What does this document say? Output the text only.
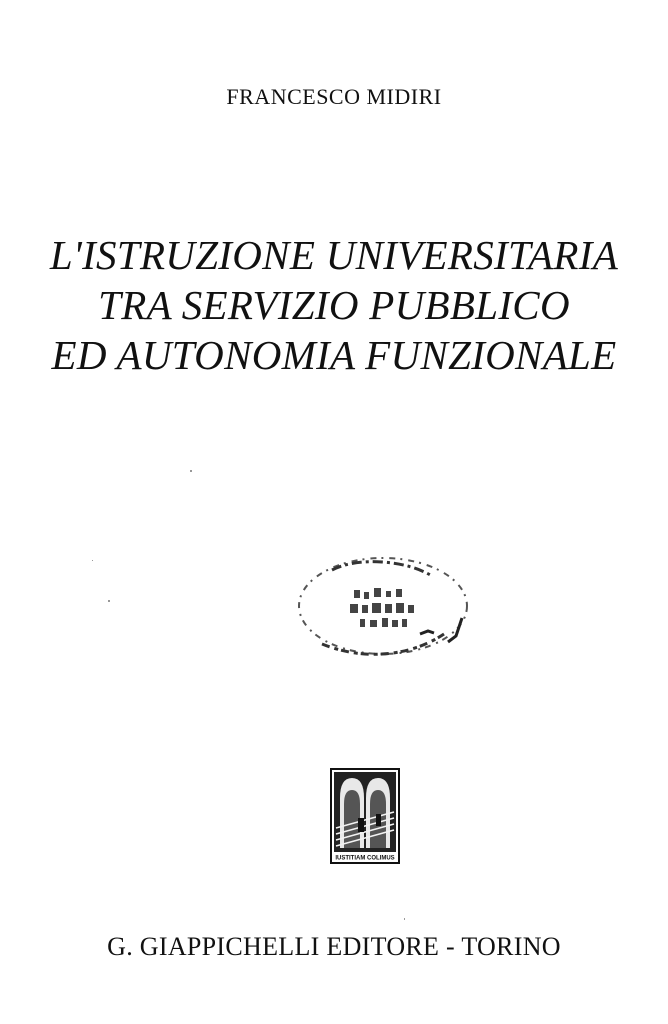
FRANCESCO MIDIRI
L'ISTRUZIONE UNIVERSITARIA
TRA SERVIZIO PUBBLICO
ED AUTONOMIA FUNZIONALE
IUSTITIAM COLIMUS
G. GIAPPICHELLI EDITORE - TORINO
